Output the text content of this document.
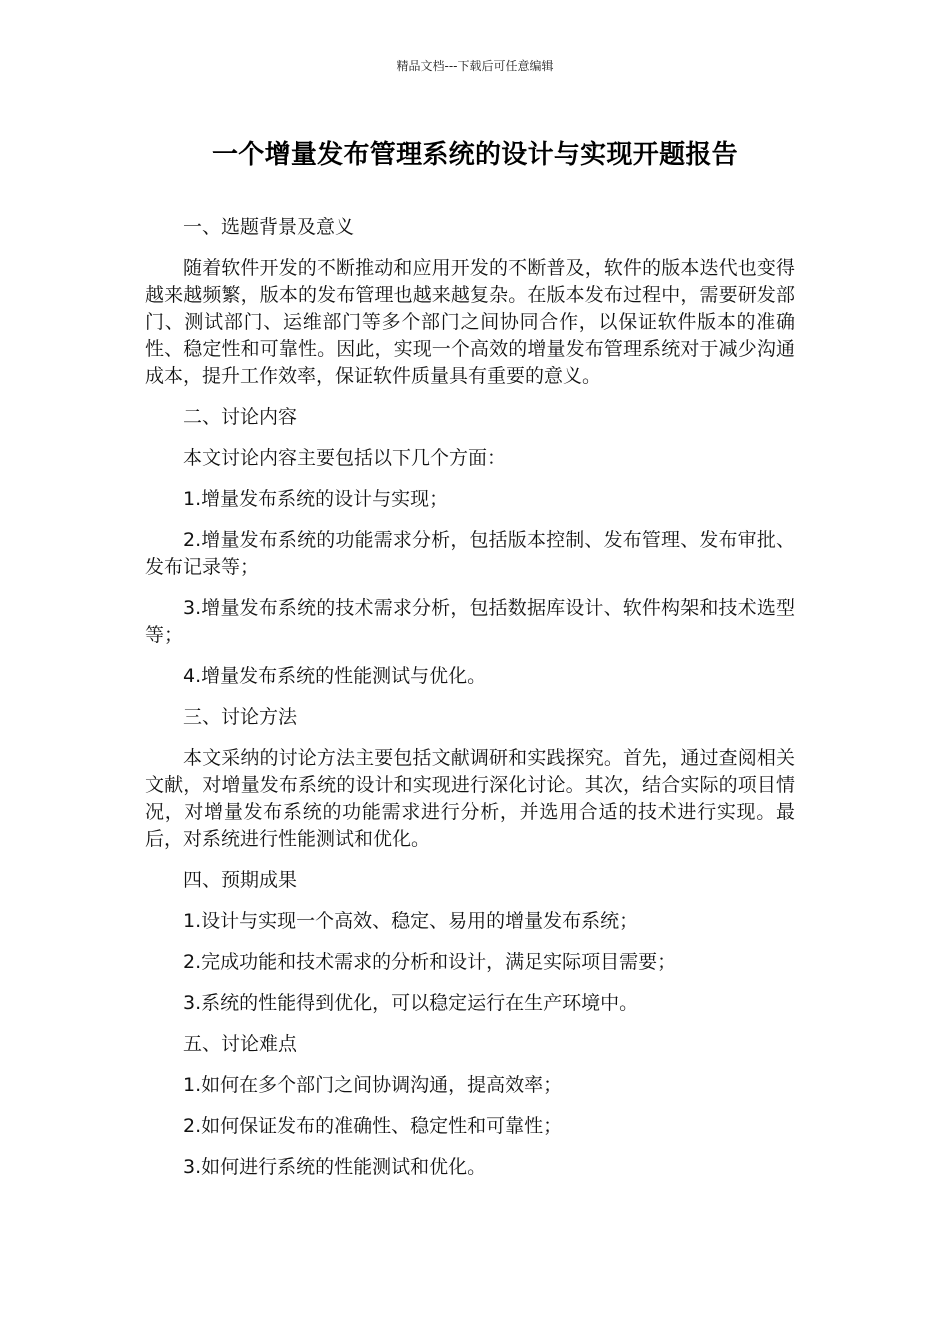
精品文档---下载后可任意编辑
一个增量发布管理系统的设计与实现开题报告

一、选题背景及意义

随着软件开发的不断推动和应用开发的不断普及，软件的版本迭代也变得越来越频繁，版本的发布管理也越来越复杂。在版本发布过程中，需要研发部门、测试部门、运维部门等多个部门之间协同合作，以保证软件版本的准确性、稳定性和可靠性。因此，实现一个高效的增量发布管理系统对于减少沟通成本，提升工作效率，保证软件质量具有重要的意义。

二、讨论内容

本文讨论内容主要包括以下几个方面：

1.增量发布系统的设计与实现；

2.增量发布系统的功能需求分析，包括版本控制、发布管理、发布审批、发布记录等；

3.增量发布系统的技术需求分析，包括数据库设计、软件构架和技术选型等；

4.增量发布系统的性能测试与优化。

三、讨论方法

本文采纳的讨论方法主要包括文献调研和实践探究。首先，通过查阅相关文献，对增量发布系统的设计和实现进行深化讨论。其次，结合实际的项目情况，对增量发布系统的功能需求进行分析，并选用合适的技术进行实现。最后，对系统进行性能测试和优化。

四、预期成果

1.设计与实现一个高效、稳定、易用的增量发布系统；

2.完成功能和技术需求的分析和设计，满足实际项目需要；

3.系统的性能得到优化，可以稳定运行在生产环境中。

五、讨论难点

1.如何在多个部门之间协调沟通，提高效率；

2.如何保证发布的准确性、稳定性和可靠性；

3.如何进行系统的性能测试和优化。
